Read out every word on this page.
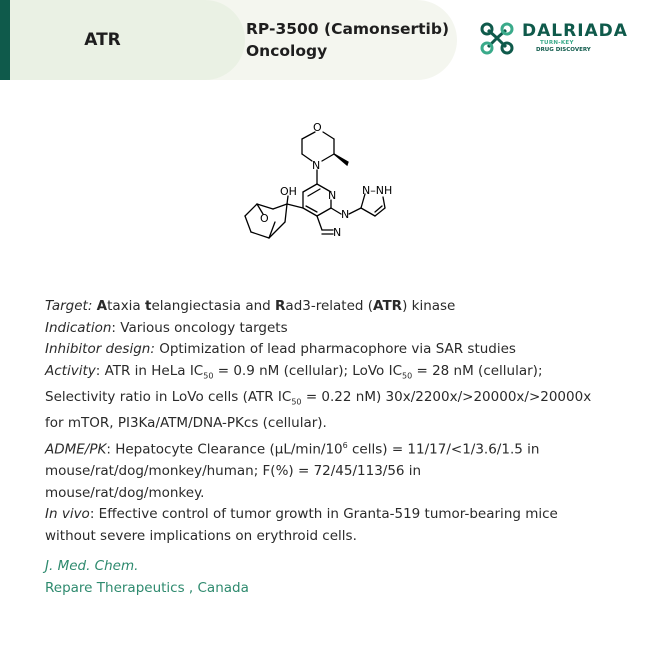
ATR
RP-3500 (Camonsertib)
Oncology
DALRIADA
TURN-KEY
DRUG DISCOVERY
O
N
N
N
N
OH
O
N–NH

Target: Ataxia telangiectasia and Rad3-related (ATR) kinase

Indication: Various oncology targets

Inhibitor design: Optimization of lead pharmacophore via SAR studies

Activity: ATR in HeLa $IC_{50} = 0.9$ nM (cellular); LoVo $IC_{50} = 28$ nM (cellular);

Selectivity ratio in LoVo cells (ATR $IC_{50} = 0.22$ nM) 30x/2200x/>20000x/>20000x

for mTOR, PI3Ka/ATM/DNA-PKcs (cellular).

ADME/PK: Hepatocyte Clearance ($\mu L/\min/10^6$ cells) = 11/17/<1/3.6/1.5 in

mouse/rat/dog/monkey/human; F(%) = 72/45/113/56 in

mouse/rat/dog/monkey.

In vivo: Effective control of tumor growth in Granta-519 tumor-bearing mice

without severe implications on erythroid cells.

J. Med. Chem.
Repare Therapeutics , Canada
